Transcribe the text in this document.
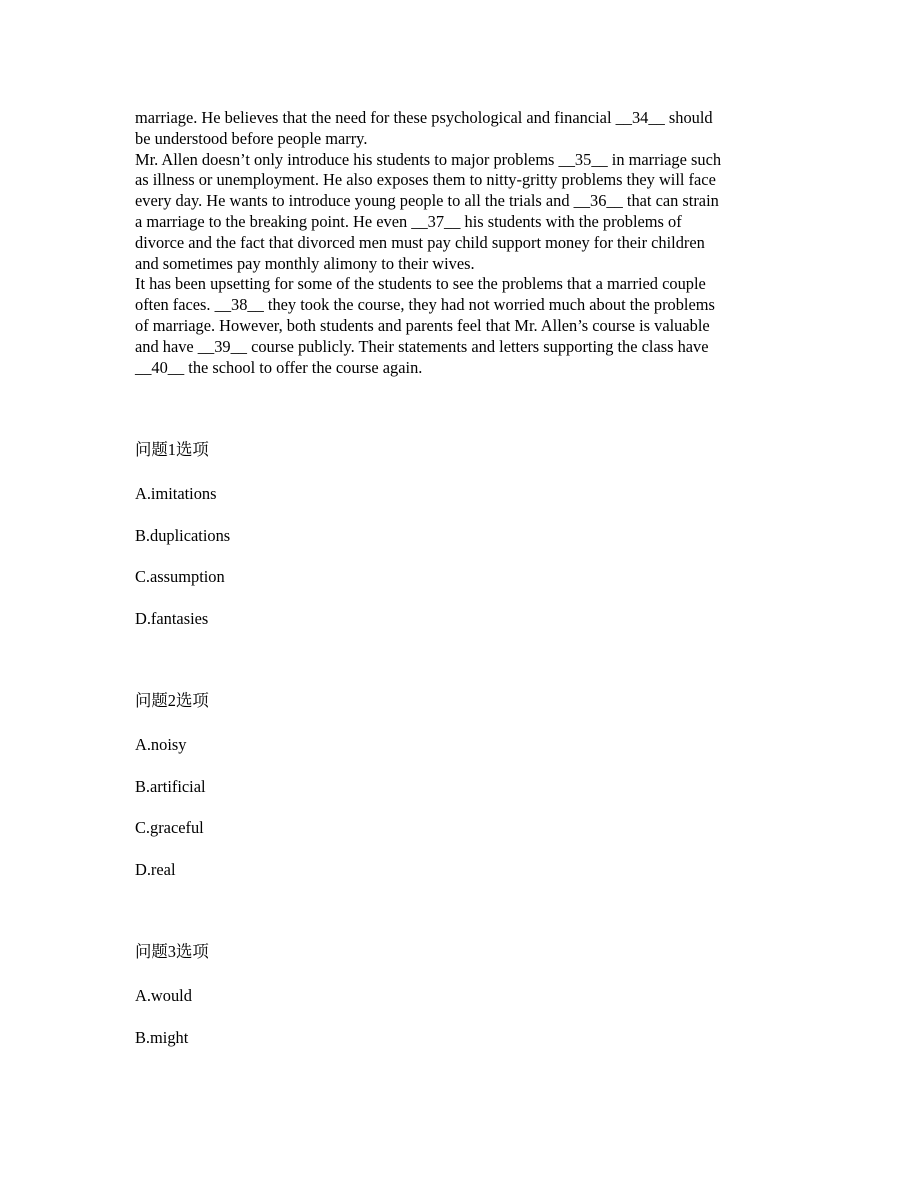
marriage. He believes that the need for these psychological and financial __34__ should

be understood before people marry.

Mr. Allen doesn’t only introduce his students to major problems __35__ in marriage such

as illness or unemployment. He also exposes them to nitty-gritty problems they will face

every day. He wants to introduce young people to all the trials and __36__ that can strain

a marriage to the breaking point. He even __37__ his students with the problems of

divorce and the fact that divorced men must pay child support money for their children

and sometimes pay monthly alimony to their wives.

It has been upsetting for some of the students to see the problems that a married couple

often faces. __38__ they took the course, they had not worried much about the problems

of marriage. However, both students and parents feel that Mr. Allen’s course is valuable

and have __39__ course publicly. Their statements and letters supporting the class have

__40__ the school to offer the course again.

问题1选项

A.imitations

B.duplications

C.assumption

D.fantasies

问题2选项

A.noisy

B.artificial

C.graceful

D.real

问题3选项

A.would

B.might
